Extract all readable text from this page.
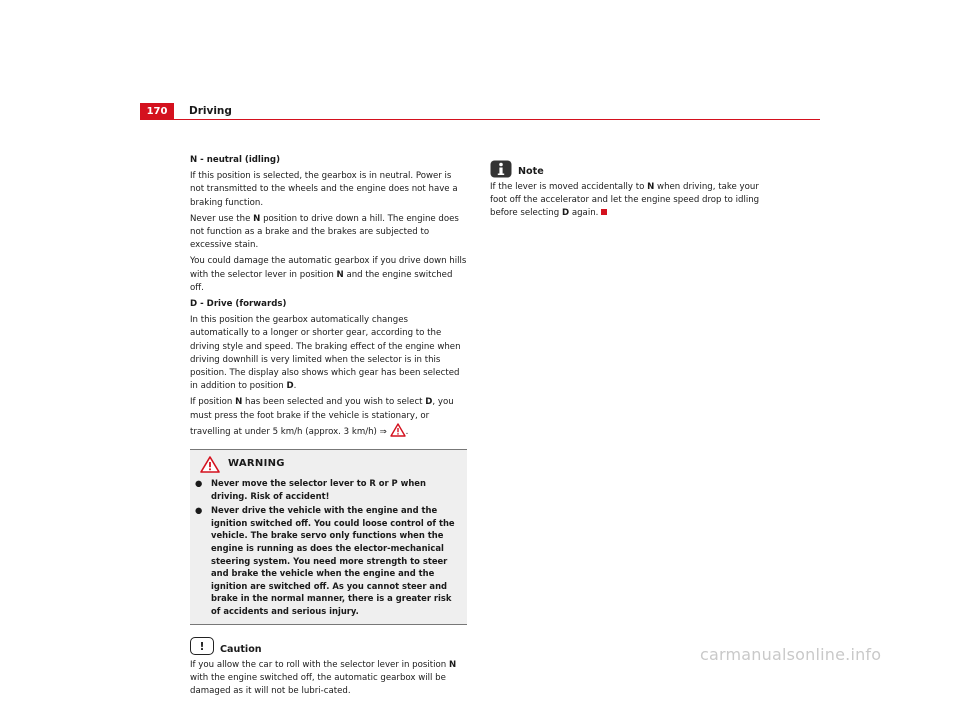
170	Driving

N - neutral (idling)

If this position is selected, the gearbox is in neutral. Power is not transmitted to the wheels and the engine does not have a braking function.

Never use the N position to drive down a hill. The engine does not function as a brake and the brakes are subjected to excessive stain.

You could damage the automatic gearbox if you drive down hills with the selector lever in position N and the engine switched off.

D - Drive (forwards)

In this position the gearbox automatically changes automatically to a longer or shorter gear, according to the driving style and speed. The braking effect of the engine when driving downhill is very limited when the selector is in this position. The display also shows which gear has been selected in addition to position D.

If position N has been selected and you wish to select D, you must press the foot brake if the vehicle is stationary, or travelling at under 5 km/h (approx. 3 km/h) ⇒ .

WARNING
●	Never move the selector lever to R or P when driving. Risk of accident!
●	Never drive the vehicle with the engine and the ignition switched off. You could loose control of the vehicle. The brake servo only functions when the engine is running as does the elector-mechanical steering system. You need more strength to steer and brake the vehicle when the engine and the ignition are switched off. As you cannot steer and brake in the normal manner, there is a greater risk of accidents and serious injury.
!	Caution

If you allow the car to roll with the selector lever in position N with the engine switched off, the automatic gearbox will be damaged as it will not be lubri-cated.

Note

If the lever is moved accidentally to N when driving, take your foot off the accelerator and let the engine speed drop to idling before selecting D again.

carmanualsonline.info
